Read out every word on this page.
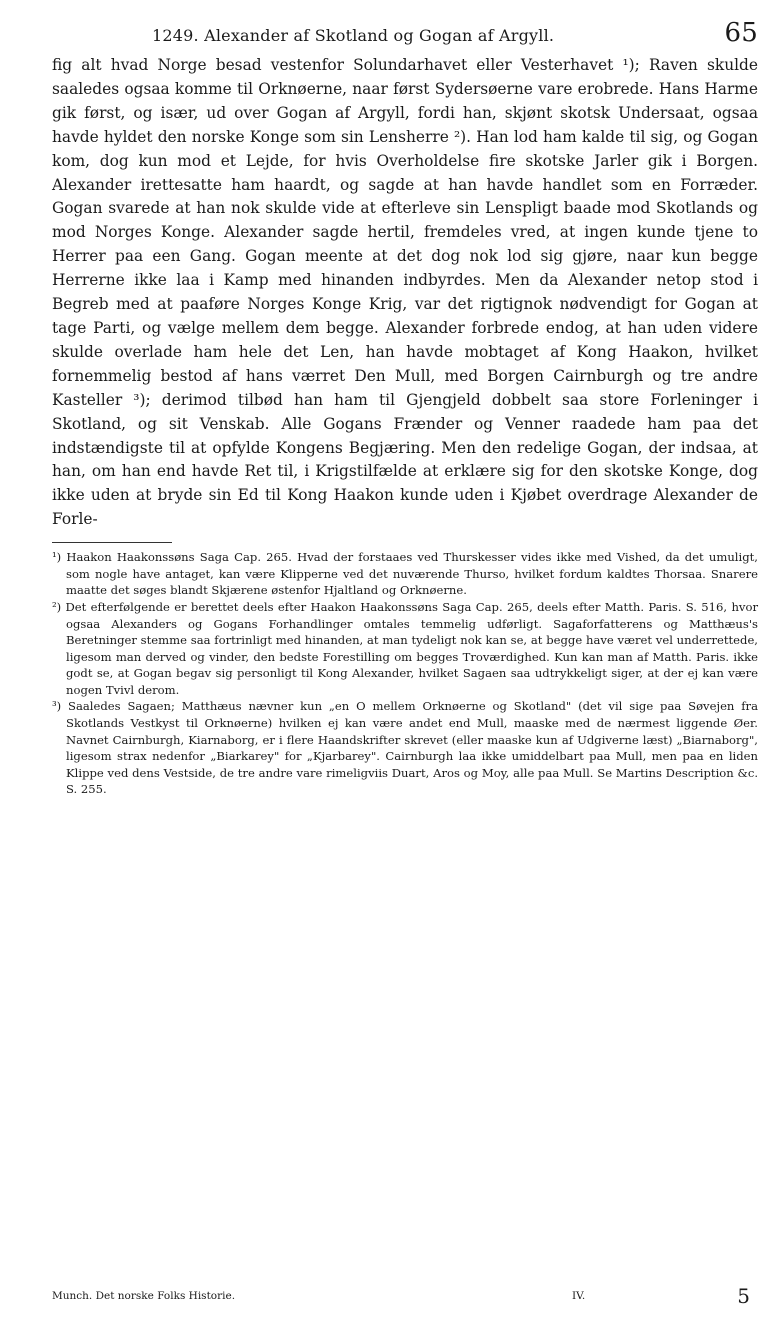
1249. Alexander af Skotland og Gogan af Argyll.	65

fig alt hvad Norge besad vestenfor Solundarhavet eller Vesterhavet ¹); Raven skulde saaledes ogsaa komme til Orknøerne, naar først Sydersøerne vare erobrede. Hans Harme gik først, og især, ud over Gogan af Argyll, fordi han, skjønt skotsk Undersaat, ogsaa havde hyldet den norske Konge som sin Lensherre ²). Han lod ham kalde til sig, og Gogan kom, dog kun mod et Lejde, for hvis Overholdelse fire skotske Jarler gik i Borgen. Alexander irettesatte ham haardt, og sagde at han havde handlet som en Forræder. Gogan svarede at han nok skulde vide at efterleve sin Lenspligt baade mod Skotlands og mod Norges Konge. Alexander sagde hertil, fremdeles vred, at ingen kunde tjene to Herrer paa een Gang. Gogan meente at det dog nok lod sig gjøre, naar kun begge Herrerne ikke laa i Kamp med hinanden indbyrdes. Men da Alexander netop stod i Begreb med at paaføre Norges Konge Krig, var det rigtignok nødvendigt for Gogan at tage Parti, og vælge mellem dem begge. Alexander forbrede endog, at han uden videre skulde overlade ham hele det Len, han havde mobtaget af Kong Haakon, hvilket fornemmelig bestod af hans værret Den Mull, med Borgen Cairnburgh og tre andre Kasteller ³); derimod tilbød han ham til Gjengjeld dobbelt saa store Forleninger i Skotland, og sit Venskab. Alle Gogans Frænder og Venner raadede ham paa det indstændigste til at opfylde Kongens Begjæring. Men den redelige Gogan, der indsaa, at han, om han end havde Ret til, i Krigstilfælde at erklære sig for den skotske Konge, dog ikke uden at bryde sin Ed til Kong Haakon kunde uden i Kjøbet overdrage Alexander de Forle-

¹) Haakon Haakonssøns Saga Cap. 265. Hvad der forstaaes ved Thurskesser vides ikke med Vished, da det umuligt, som nogle have antaget, kan være Klipperne ved det nuværende Thurso, hvilket fordum kaldtes Thorsaa. Snarere maatte det søges blandt Skjærene østenfor Hjaltland og Orknøerne.

²) Det efterfølgende er berettet deels efter Haakon Haakonssøns Saga Cap. 265, deels efter Matth. Paris. S. 516, hvor ogsaa Alexanders og Gogans Forhandlinger omtales temmelig udførligt. Sagaforfatterens og Matthæus's Beretninger stemme saa fortrinligt med hinanden, at man tydeligt nok kan se, at begge have været vel underrettede, ligesom man derved og vinder, den bedste Forestilling om begges Troværdighed. Kun kan man af Matth. Paris. ikke godt se, at Gogan begav sig personligt til Kong Alexander, hvilket Sagaen saa udtrykkeligt siger, at der ej kan være nogen Tvivl derom.

³) Saaledes Sagaen; Matthæus nævner kun „en O mellem Orknøerne og Skotland" (det vil sige paa Søvejen fra Skotlands Vestkyst til Orknøerne) hvilken ej kan være andet end Mull, maaske med de nærmest liggende Øer. Navnet Cairnburgh, Kiarnaborg, er i flere Haandskrifter skrevet (eller maaske kun af Udgiverne læst) „Biarnaborg", ligesom strax nedenfor „Biarkarey" for „Kjarbarey". Cairnburgh laa ikke umiddelbart paa Mull, men paa en liden Klippe ved dens Vestside, de tre andre vare rimeligviis Duart, Aros og Moy, alle paa Mull. Se Martins Description &c. S. 255.

Munch. Det norske Folks Historie.	IV.	5
